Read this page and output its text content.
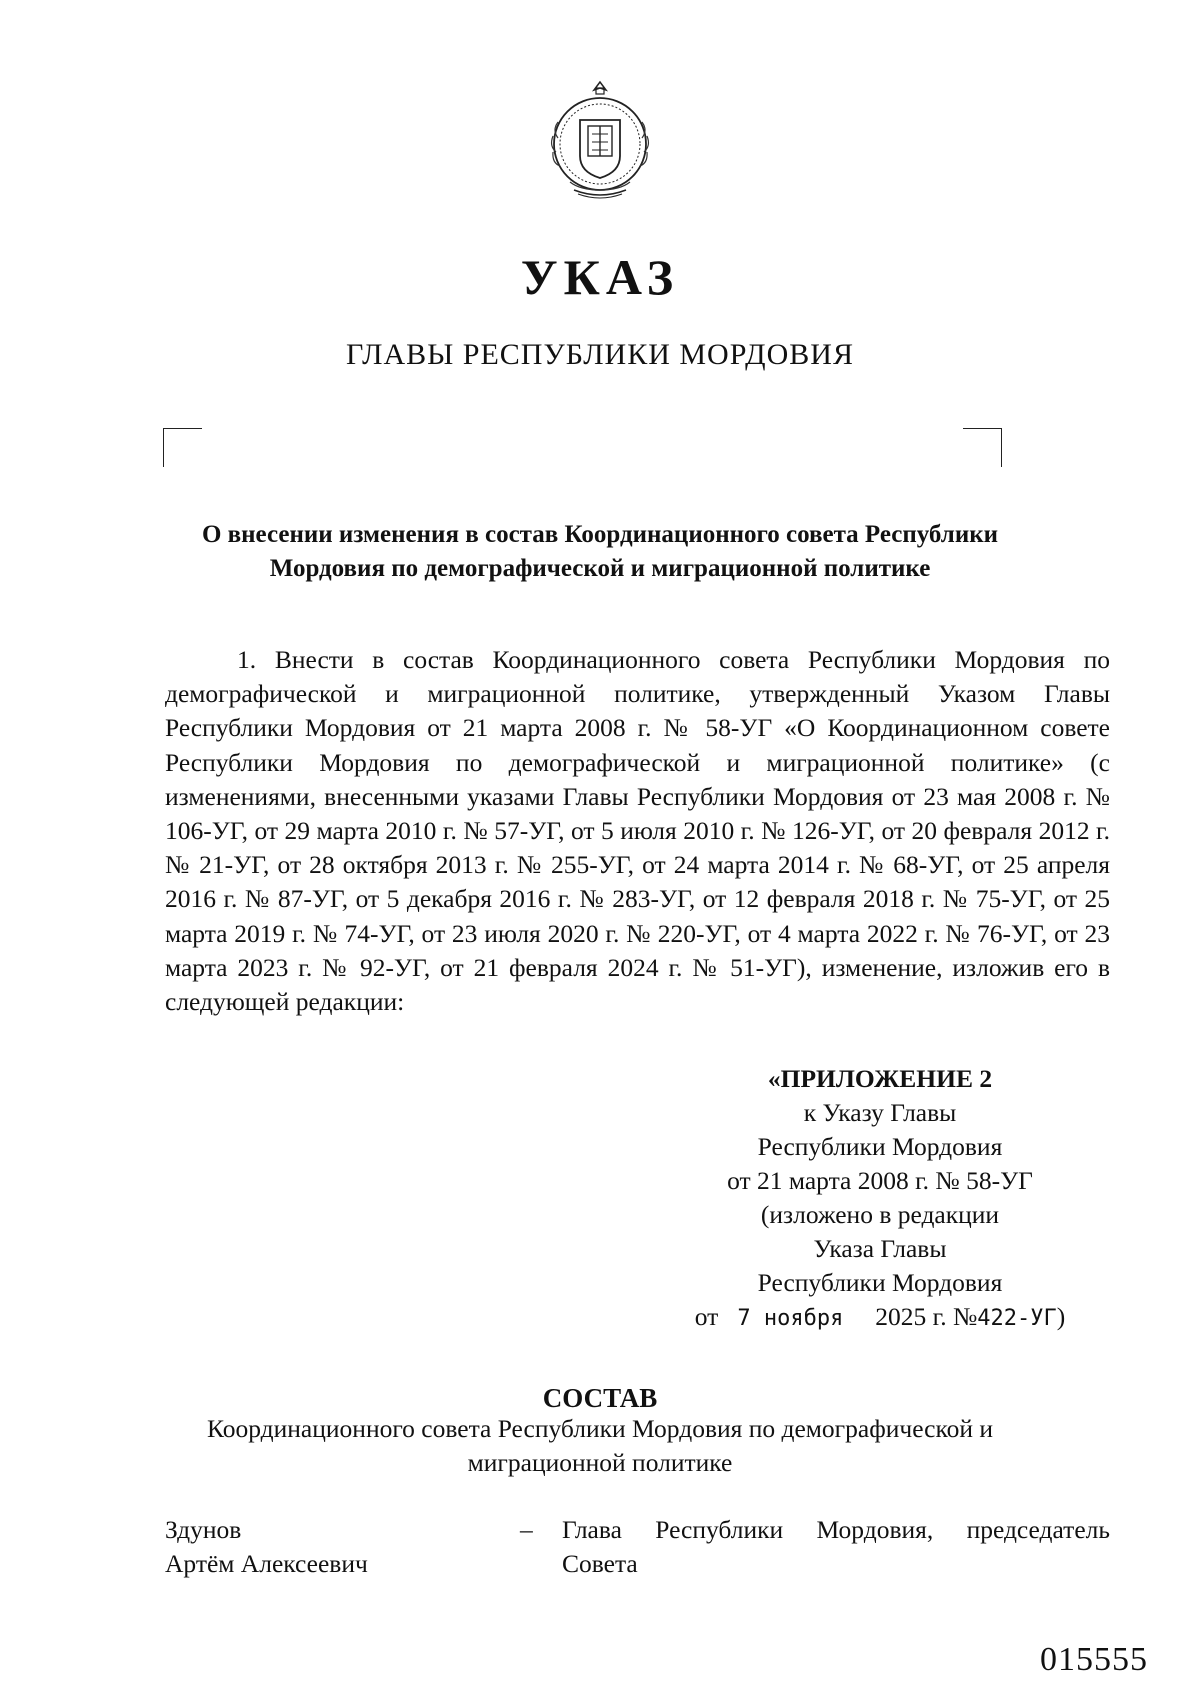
УКАЗ
ГЛАВЫ РЕСПУБЛИКИ МОРДОВИЯ
О внесении изменения в состав Координационного совета Республики
Мордовия по демографической и миграционной политике

1. Внести в состав Координационного совета Республики Мордовия по демографической и миграционной политике, утвержденный Указом Главы Республики Мордовия от 21 марта 2008 г. № 58-УГ «О Координационном совете Республики Мордовия по демографической и миграционной политике» (с изменениями, внесенными указами Главы Республики Мордовия от 23 мая 2008 г. № 106-УГ, от 29 марта 2010 г. № 57-УГ, от 5 июля 2010 г. № 126-УГ, от 20 февраля 2012 г. № 21-УГ, от 28 октября 2013 г. № 255-УГ, от 24 марта 2014 г. № 68-УГ, от 25 апреля 2016 г. № 87-УГ, от 5 декабря 2016 г. № 283-УГ, от 12 февраля 2018 г. № 75-УГ, от 25 марта 2019 г. № 74-УГ, от 23 июля 2020 г. № 220-УГ, от 4 марта 2022 г. № 76-УГ, от 23 марта 2023 г. № 92-УГ, от 21 февраля 2024 г. № 51-УГ), изменение, изложив его в следующей редакции:

«ПРИЛОЖЕНИЕ 2
к Указу Главы
Республики Мордовия
от 21 марта 2008 г. № 58-УГ
(изложено в редакции
Указа Главы
Республики Мордовия
от 7 ноября 2025 г. №422-УГ)
СОСТАВ
Координационного совета Республики Мордовия по демографической и миграционной политике
Здунов
Артём Алексеевич
– Глава Республики Мордовия, председатель Совета
015555
